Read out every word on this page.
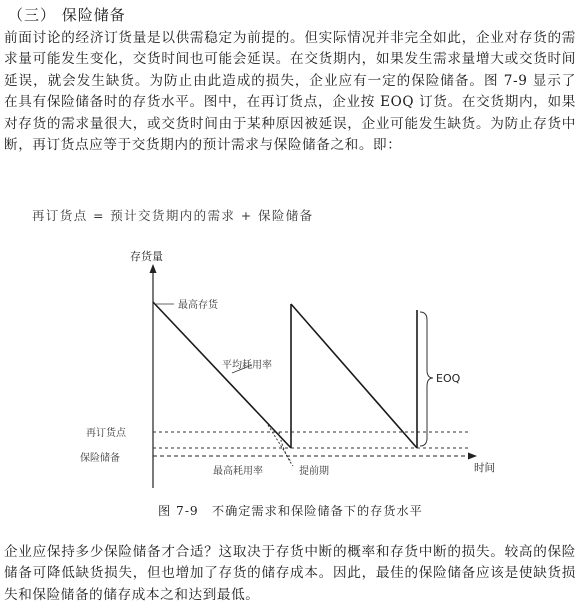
（三） 保险储备

前面讨论的经济订货量是以供需稳定为前提的。但实际情况并非完全如此，企业对存货的需求量可能发生变化，交货时间也可能会延误。在交货期内，如果发生需求量增大或交货时间延误，就会发生缺货。为防止由此造成的损失，企业应有一定的保险储备。图 7-9 显示了在具有保险储备时的存货水平。图中，在再订货点，企业按 EOQ 订货。在交货期内，如果对存货的需求量很大，或交货时间由于某种原因被延误，企业可能发生缺货。为防止存货中断，再订货点应等于交货期内的预计需求与保险储备之和。即：

再订货点 = 预计交货期内的需求 + 保险储备
存货量
时间
再订货点
保险储备
EOQ
最高存货
平均耗用率
最高耗用率	提前期
图 7-9　不确定需求和保险储备下的存货水平

企业应保持多少保险储备才合适？这取决于存货中断的概率和存货中断的损失。较高的保险储备可降低缺货损失，但也增加了存货的储存成本。因此，最佳的保险储备应该是使缺货损失和保险储备的储存成本之和达到最低。
